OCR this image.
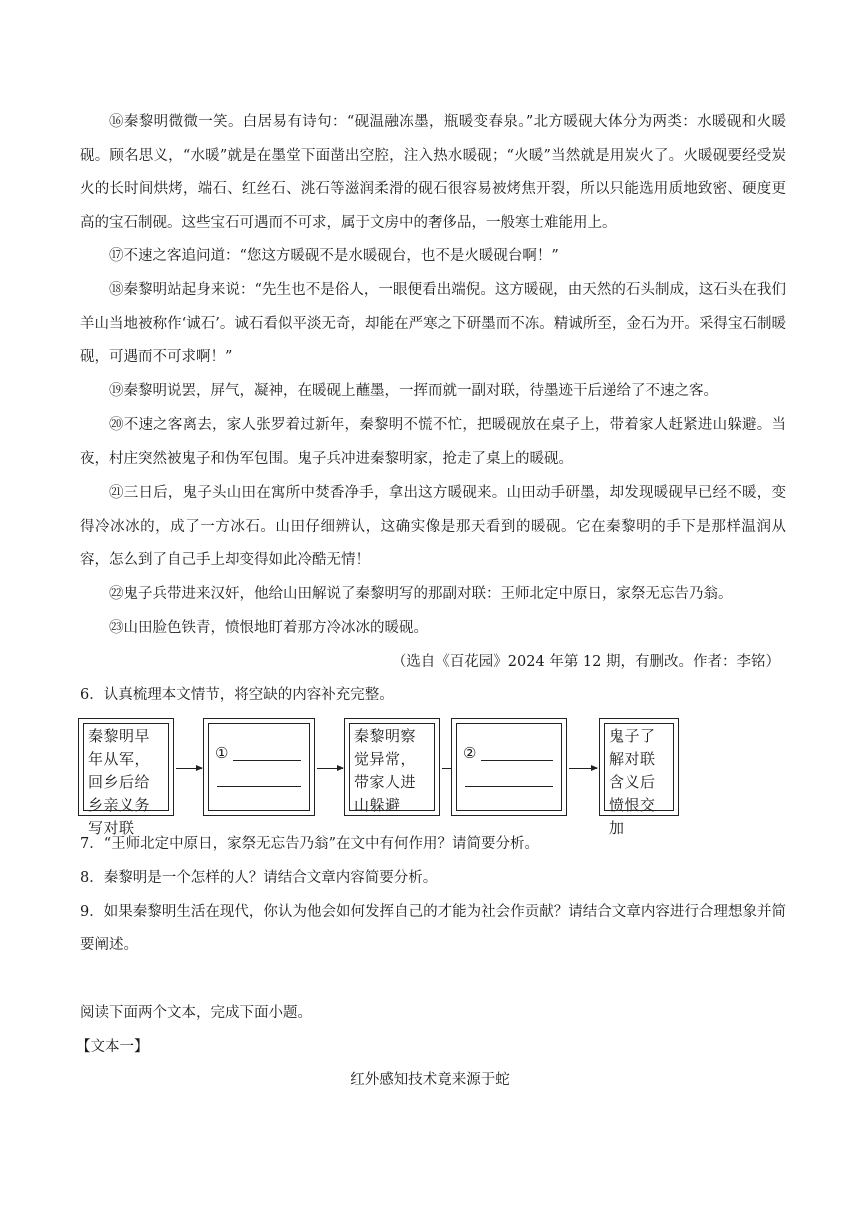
⑯秦黎明微微一笑。白居易有诗句：“砚温融冻墨，瓶暖变春泉。”北方暖砚大体分为两类：水暖砚和火暖砚。顾名思义，“水暖”就是在墨堂下面凿出空腔，注入热水暖砚；“火暖”当然就是用炭火了。火暖砚要经受炭火的长时间烘烤，端石、红丝石、洮石等滋润柔滑的砚石很容易被烤焦开裂，所以只能选用质地致密、硬度更高的宝石制砚。这些宝石可遇而不可求，属于文房中的奢侈品，一般寒士难能用上。

⑰不速之客追问道：“您这方暖砚不是水暖砚台，也不是火暖砚台啊！”

⑱秦黎明站起身来说：“先生也不是俗人，一眼便看出端倪。这方暖砚，由天然的石头制成，这石头在我们羊山当地被称作‘诚石’。诚石看似平淡无奇，却能在严寒之下研墨而不冻。精诚所至，金石为开。采得宝石制暖砚，可遇而不可求啊！”

⑲秦黎明说罢，屏气，凝神，在暖砚上蘸墨，一挥而就一副对联，待墨迹干后递给了不速之客。

⑳不速之客离去，家人张罗着过新年，秦黎明不慌不忙，把暖砚放在桌子上，带着家人赶紧进山躲避。当夜，村庄突然被鬼子和伪军包围。鬼子兵冲进秦黎明家，抢走了桌上的暖砚。

㉑三日后，鬼子头山田在寓所中焚香净手，拿出这方暖砚来。山田动手研墨，却发现暖砚早已经不暖，变得冷冰冰的，成了一方冰石。山田仔细辨认，这确实像是那天看到的暖砚。它在秦黎明的手下是那样温润从容，怎么到了自己手上却变得如此冷酷无情！

㉒鬼子兵带进来汉奸，他给山田解说了秦黎明写的那副对联：王师北定中原日，家祭无忘告乃翁。

㉓山田脸色铁青，愤恨地盯着那方冷冰冰的暖砚。

（选自《百花园》2024 年第 12 期，有删改。作者：李铭）

6．认真梳理本文情节，将空缺的内容补充完整。

秦黎明早年从军，回乡后给乡亲义务写对联
①
秦黎明察觉异常，带家人进山躲避
②
鬼子了解对联含义后愤恨交加

7．“王师北定中原日，家祭无忘告乃翁”在文中有何作用？请简要分析。

8．秦黎明是一个怎样的人？请结合文章内容简要分析。

9．如果秦黎明生活在现代，你认为他会如何发挥自己的才能为社会作贡献？请结合文章内容进行合理想象并简要阐述。

阅读下面两个文本，完成下面小题。

【文本一】

红外感知技术竟来源于蛇
